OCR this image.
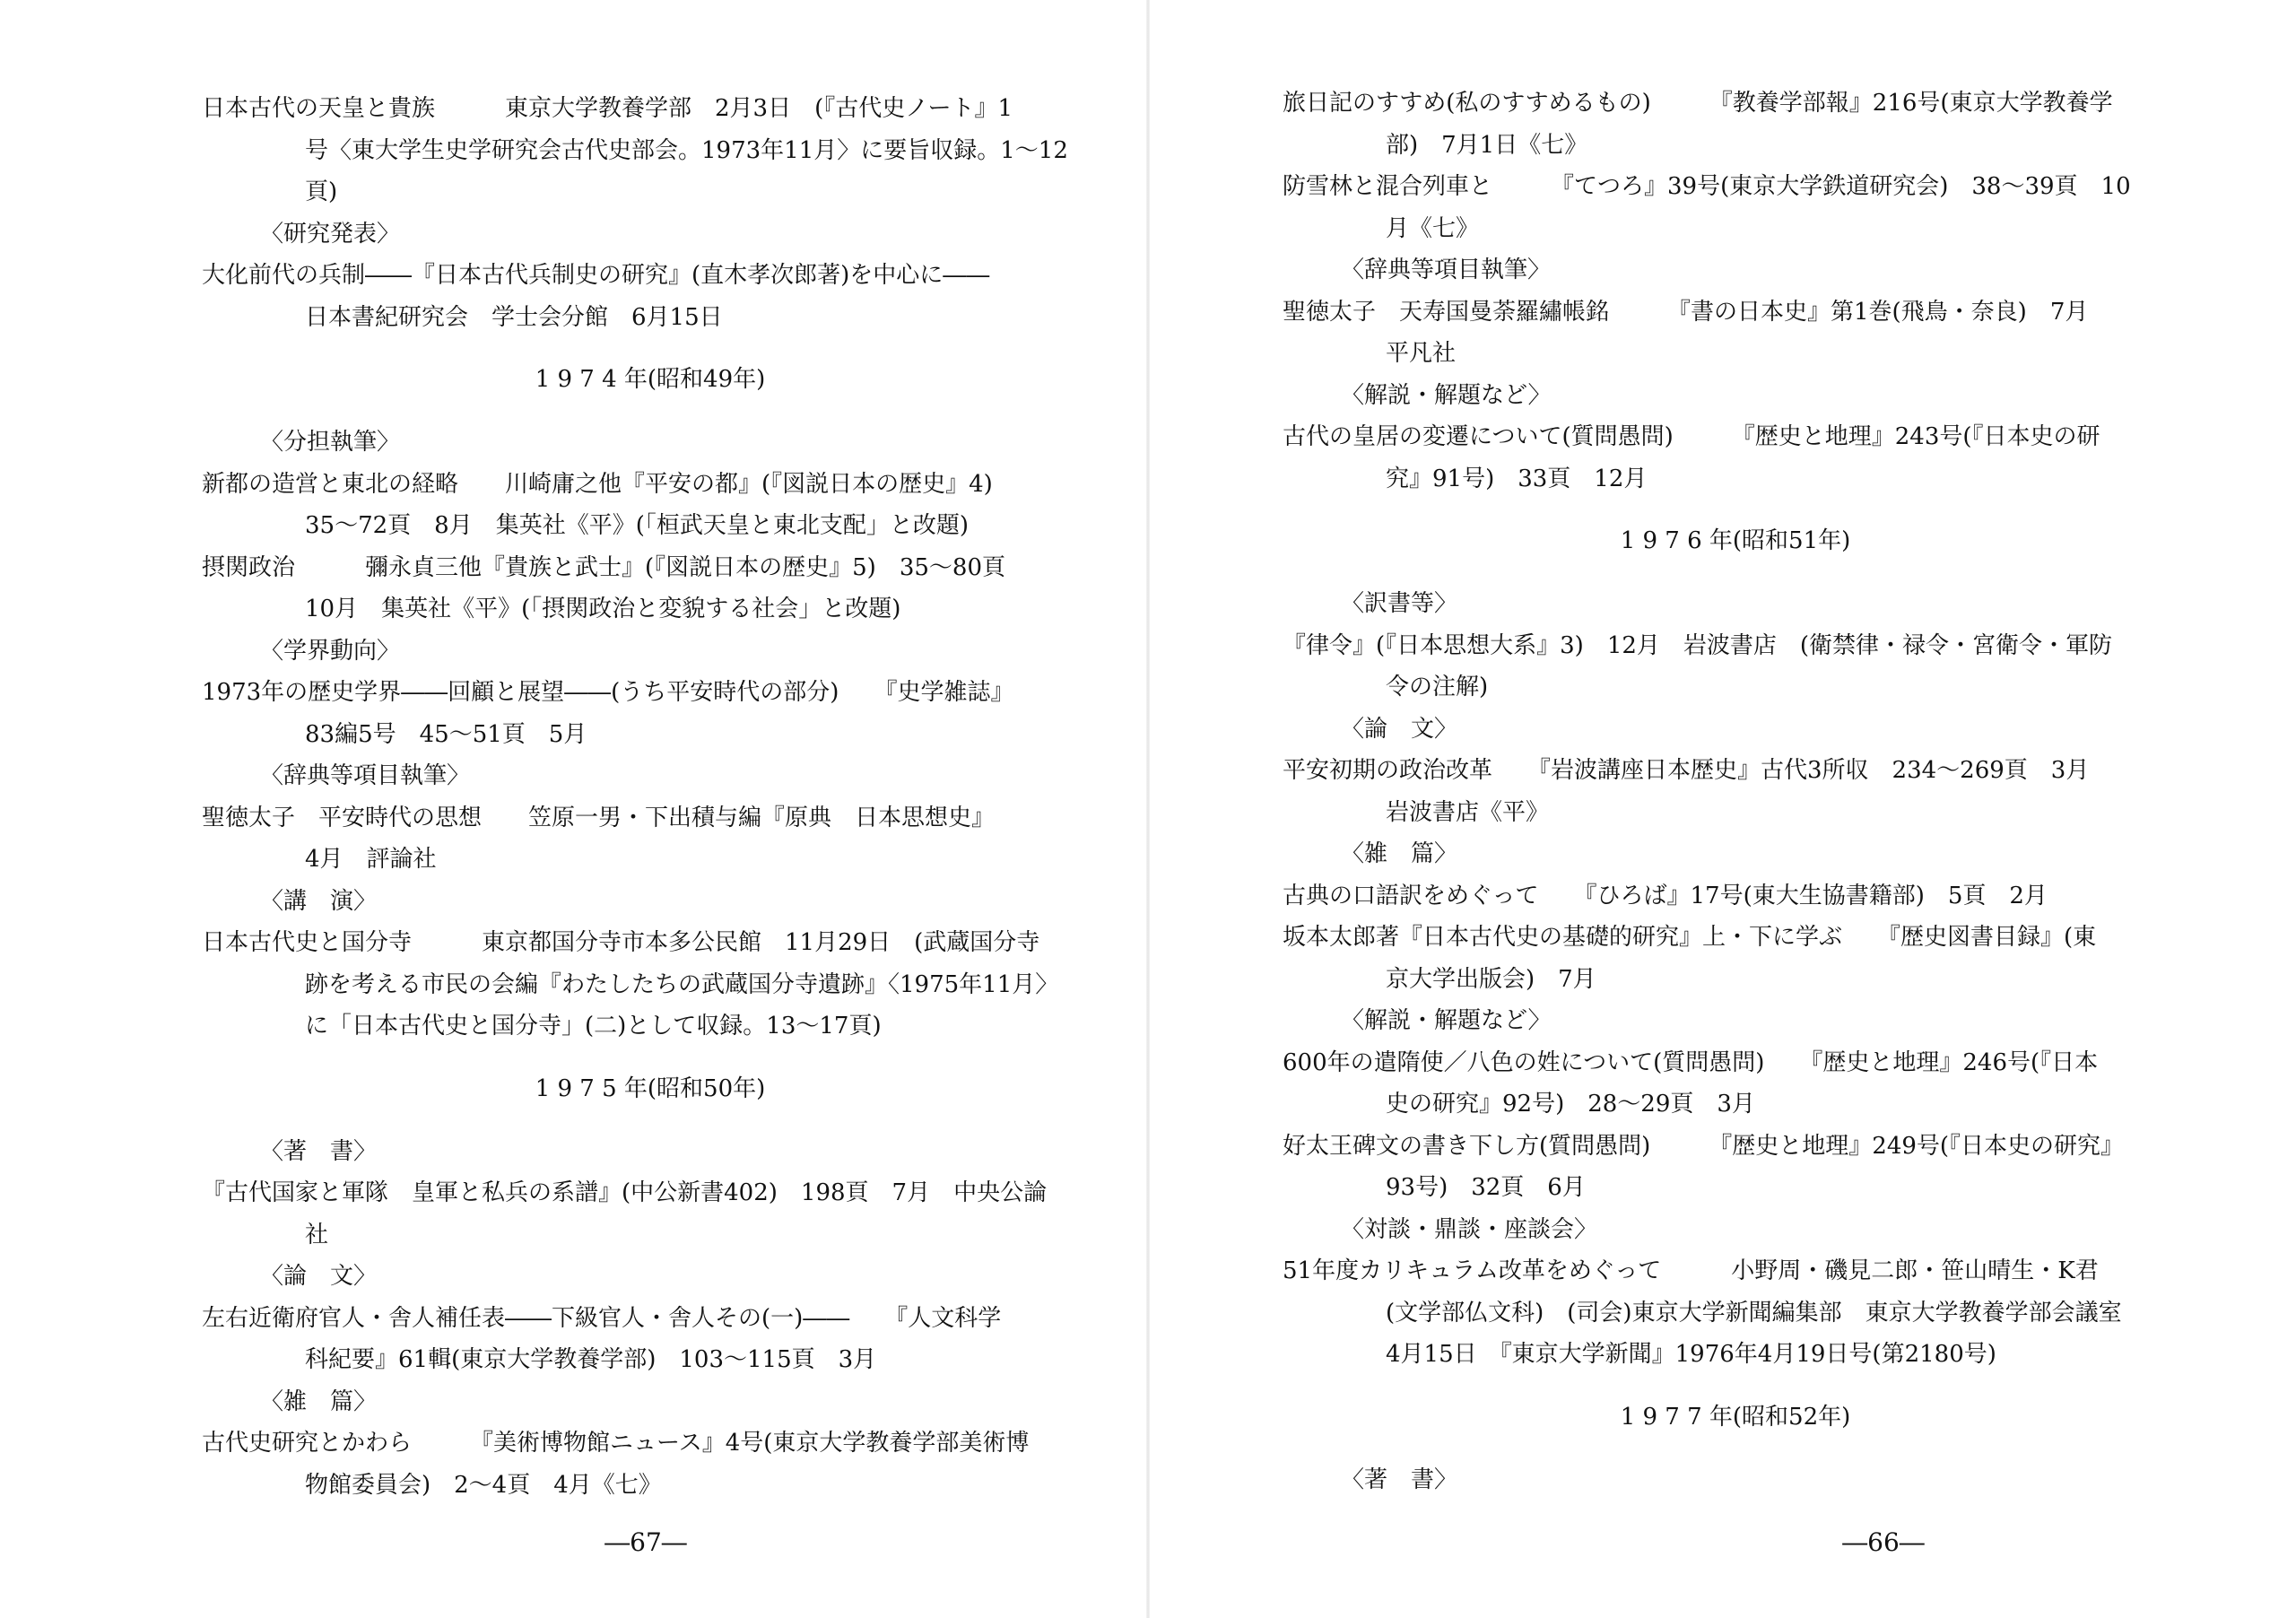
日本古代の天皇と貴族　　　東京大学教養学部　2月3日　(『古代史ノート』1
号〈東大学生史学研究会古代史部会。1973年11月〉に要旨収録。1～12
頁)
〈研究発表〉
大化前代の兵制――『日本古代兵制史の研究』(直木孝次郎著)を中心に――
日本書紀研究会　学士会分館　6月15日
1 9 7 4 年(昭和49年)
〈分担執筆〉
新都の造営と東北の経略　　川崎庸之他『平安の都』(『図説日本の歴史』4)
35～72頁　8月　集英社《平》(「桓武天皇と東北支配」と改題)
摂関政治　　　彌永貞三他『貴族と武士』(『図説日本の歴史』5)　35～80頁
10月　集英社《平》(「摂関政治と変貌する社会」と改題)
〈学界動向〉
1973年の歴史学界――回顧と展望――(うち平安時代の部分)　　『史学雑誌』
83編5号　45～51頁　5月
〈辞典等項目執筆〉
聖徳太子　平安時代の思想　　笠原一男・下出積与編『原典　日本思想史』
4月　評論社
〈講　演〉
日本古代史と国分寺　　　東京都国分寺市本多公民館　11月29日　(武蔵国分寺
跡を考える市民の会編『わたしたちの武蔵国分寺遺跡』〈1975年11月〉
に「日本古代史と国分寺」(二)として収録。13～17頁)
1 9 7 5 年(昭和50年)
〈著　書〉
『古代国家と軍隊　皇軍と私兵の系譜』(中公新書402)　198頁　7月　中央公論
社
〈論　文〉
左右近衛府官人・舎人補任表――下級官人・舎人その(一)――　　『人文科学
科紀要』61輯(東京大学教養学部)　103～115頁　3月
〈雑　篇〉
古代史研究とかわら　　　『美術博物館ニュース』4号(東京大学教養学部美術博
物館委員会)　2～4頁　4月《七》
―67―
旅日記のすすめ(私のすすめるもの)　　　『教養学部報』216号(東京大学教養学
部)　7月1日《七》
防雪林と混合列車と　　　『てつろ』39号(東京大学鉄道研究会)　38～39頁　10
月《七》
〈辞典等項目執筆〉
聖徳太子　天寿国曼荼羅繡帳銘　　　『書の日本史』第1巻(飛鳥・奈良)　7月
平凡社
〈解説・解題など〉
古代の皇居の変遷について(質問愚問)　　　『歴史と地理』243号(『日本史の研
究』91号)　33頁　12月
1 9 7 6 年(昭和51年)
〈訳書等〉
『律令』(『日本思想大系』3)　12月　岩波書店　(衛禁律・禄令・宮衛令・軍防
令の注解)
〈論　文〉
平安初期の政治改革　　『岩波講座日本歴史』古代3所収　234～269頁　3月
岩波書店《平》
〈雑　篇〉
古典の口語訳をめぐって　　『ひろば』17号(東大生協書籍部)　5頁　2月
坂本太郎著『日本古代史の基礎的研究』上・下に学ぶ　　『歴史図書目録』(東
京大学出版会)　7月
〈解説・解題など〉
600年の遣隋使／八色の姓について(質問愚問)　　『歴史と地理』246号(『日本
史の研究』92号)　28～29頁　3月
好太王碑文の書き下し方(質問愚問)　　　『歴史と地理』249号(『日本史の研究』
93号)　32頁　6月
〈対談・鼎談・座談会〉
51年度カリキュラム改革をめぐって　　　小野周・磯見二郎・笹山晴生・K君
(文学部仏文科)　(司会)東京大学新聞編集部　東京大学教養学部会議室
4月15日　『東京大学新聞』1976年4月19日号(第2180号)
1 9 7 7 年(昭和52年)
〈著　書〉
―66―
